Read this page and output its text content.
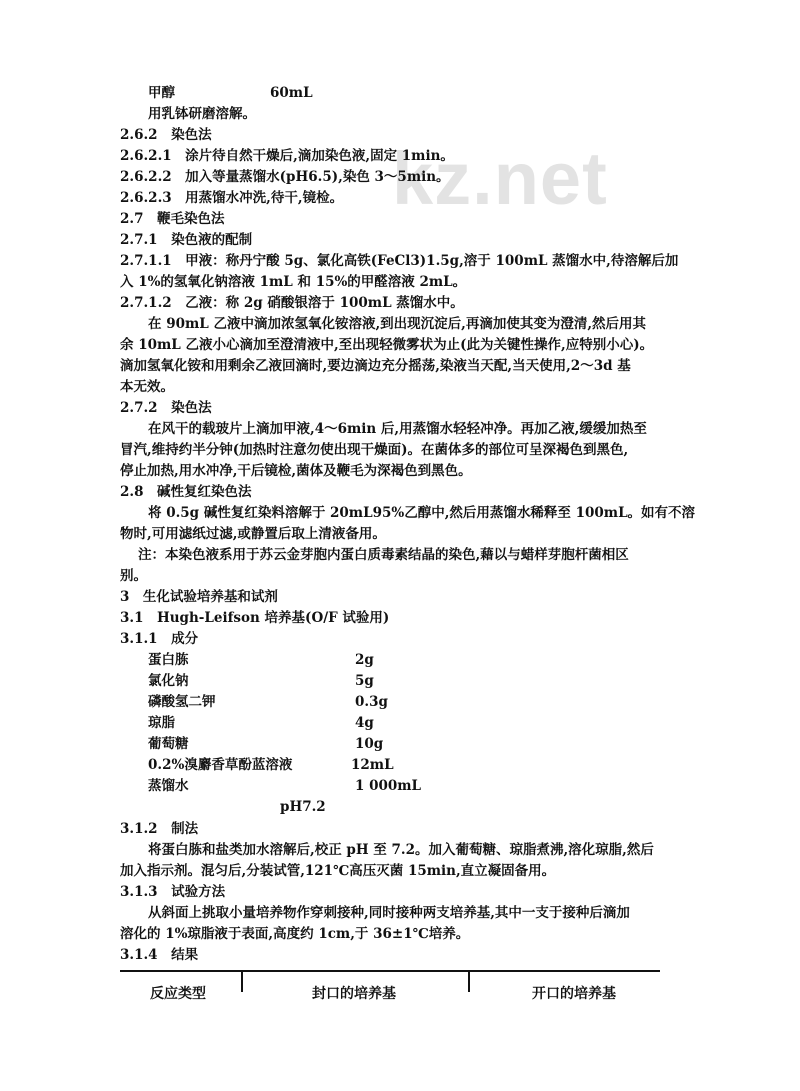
kz.net
甲醇	60mL
用乳钵研磨溶解。
2.6.2　染色法
2.6.2.1　涂片待自然干燥后,滴加染色液,固定 1min。
2.6.2.2　加入等量蒸馏水(pH6.5),染色 3～5min。
2.6.2.3　用蒸馏水冲洗,待干,镜检。
2.7　鞭毛染色法
2.7.1　染色液的配制
2.7.1.1　甲液：称丹宁酸 5g、氯化高铁(FeCl3)1.5g,溶于 100mL 蒸馏水中,待溶解后加
入 1%的氢氧化钠溶液 1mL 和 15%的甲醛溶液 2mL。
2.7.1.2　乙液：称 2g 硝酸银溶于 100mL 蒸馏水中。
在 90mL 乙液中滴加浓氢氧化铵溶液,到出现沉淀后,再滴加使其变为澄清,然后用其
余 10mL 乙液小心滴加至澄清液中,至出现轻微雾状为止(此为关键性操作,应特别小心)。
滴加氢氧化铵和用剩余乙液回滴时,要边滴边充分摇荡,染液当天配,当天使用,2～3d 基
本无效。
2.7.2　染色法
在风干的载玻片上滴加甲液,4～6min 后,用蒸馏水轻轻冲净。再加乙液,缓缓加热至
冒汽,维持约半分钟(加热时注意勿使出现干燥面)。在菌体多的部位可呈深褐色到黑色,
停止加热,用水冲净,干后镜检,菌体及鞭毛为深褐色到黑色。
2.8　碱性复红染色法
将 0.5g 碱性复红染料溶解于 20mL95%乙醇中,然后用蒸馏水稀释至 100mL。如有不溶
物时,可用滤纸过滤,或静置后取上清液备用。
注：本染色液系用于苏云金芽胞内蛋白质毒素结晶的染色,藉以与蜡样芽胞杆菌相区
别。
3　生化试验培养基和试剂
3.1　Hugh-Leifson 培养基(O/F 试验用)
3.1.1　成分
蛋白胨	2g
氯化钠	5g
磷酸氢二钾	0.3g
琼脂	4g
葡萄糖	10g
0.2%溴麝香草酚蓝溶液	12mL
蒸馏水	1 000mL
pH7.2
3.1.2　制法
将蛋白胨和盐类加水溶解后,校正 pH 至 7.2。加入葡萄糖、琼脂煮沸,溶化琼脂,然后
加入指示剂。混匀后,分装试管,121℃高压灭菌 15min,直立凝固备用。
3.1.3　试验方法
从斜面上挑取小量培养物作穿刺接种,同时接种两支培养基,其中一支于接种后滴加
溶化的 1%琼脂液于表面,高度约 1cm,于 36±1℃培养。
3.1.4　结果
反应类型	封口的培养基	开口的培养基
